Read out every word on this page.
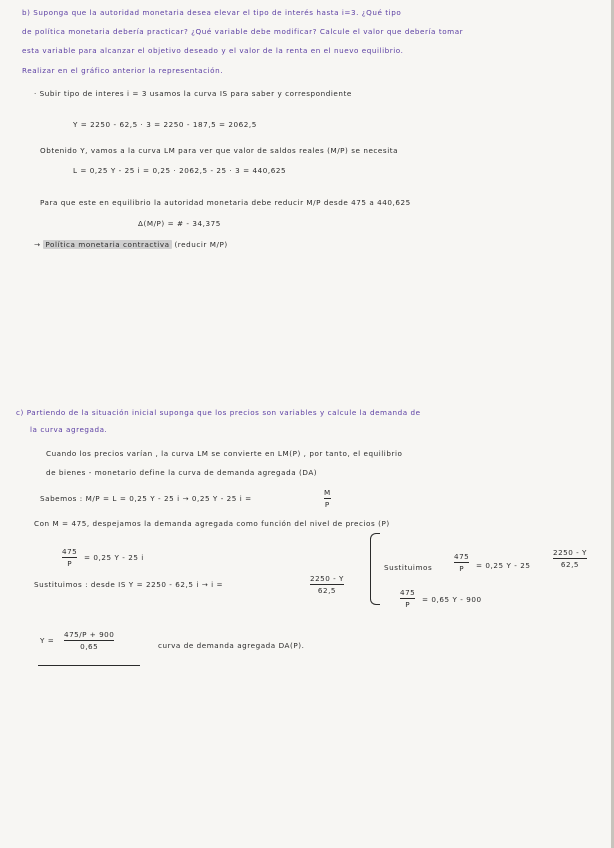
b) Suponga que la autoridad monetaria desea elevar el tipo de interés hasta i=3. ¿Qué tipo
de política monetaria debería practicar? ¿Qué variable debe modificar? Calcule el valor que debería tomar
esta variable para alcanzar el objetivo deseado y el valor de la renta en el nuevo equilibrio.
Realizar en el gráfico anterior la representación.
· Subir tipo de interes i = 3 usamos la curva IS para saber y correspondiente
Y = 2250 - 62,5 · 3 = 2250 - 187,5 = 2062,5
Obtenido Y, vamos a la curva LM para ver que valor de saldos reales (M/P) se necesita
L = 0,25 Y - 25 i = 0,25 · 2062,5 - 25 · 3 = 440,625
Para que este en equilibrio la autoridad monetaria debe reducir M/P desde 475 a 440,625
Δ(M/P) = # - 34,375
→ Política monetaria contractiva (reducir M/P)
c) Partiendo de la situación inicial suponga que los precios son variables y calcule la demanda de
la curva agregada.
Cuando los precios varían , la curva LM se convierte en LM(P) , por tanto, el equilibrio
de bienes - monetario define la curva de demanda agregada (DA)
Sabemos : M/P = L = 0,25 Y - 25 i → 0,25 Y - 25 i =
M
P
Con M = 475, despejamos la demanda agregada como función del nivel de precios (P)
475
P
= 0,25 Y - 25 i
Sustituimos : desde IS Y = 2250 - 62,5 i → i =
2250 - Y
62,5
Sustituimos
475
P = 0,25 Y - 25
2250 - Y
62,5
475
P
= 0,65 Y - 900
Y =
475/P + 900
0,65	curva de demanda agregada DA(P).
